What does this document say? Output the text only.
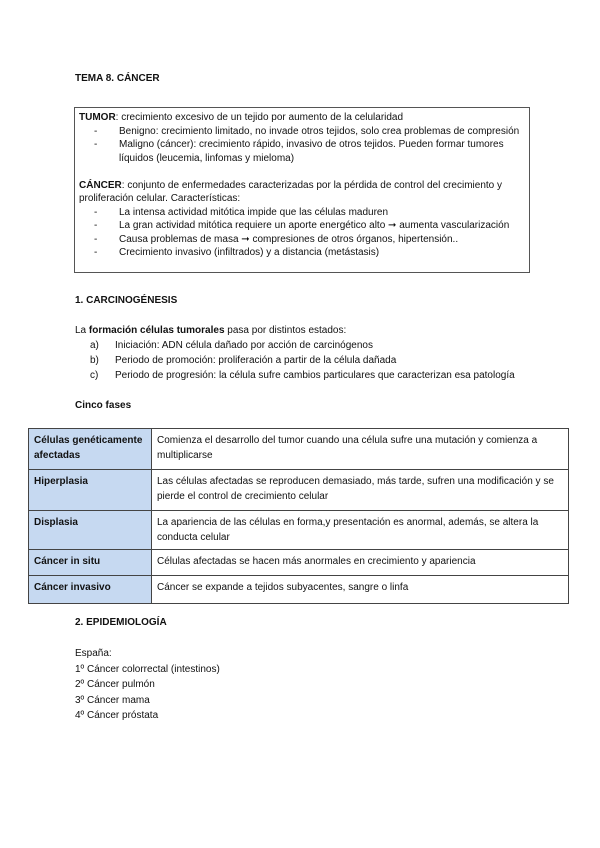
TEMA 8. CÁNCER

TUMOR: crecimiento excesivo de un tejido por aumento de la celularidad

- Benigno: crecimiento limitado, no invade otros tejidos, solo crea problemas de compresión

- Maligno (cáncer): crecimiento rápido, invasivo de otros tejidos. Pueden formar tumores líquidos (leucemia, linfomas y mieloma)

CÁNCER: conjunto de enfermedades caracterizadas por la pérdida de control del crecimiento y proliferación celular. Características:

- La intensa actividad mitótica impide que las células maduren

- La gran actividad mitótica requiere un aporte energético alto ➞ aumenta vascularización

- Causa problemas de masa ➞ compresiones de otros órganos, hipertensión..

- Crecimiento invasivo (infiltrados) y a distancia (metástasis)

1. CARCINOGÉNESIS

La formación células tumorales pasa por distintos estados:

a) Iniciación: ADN célula dañado por acción de carcinógenos

b) Periodo de promoción: proliferación a partir de la célula dañada

c) Periodo de progresión: la célula sufre cambios particulares que caracterizan esa patología

Cinco fases
Células genéticamente afectadas	Comienza el desarrollo del tumor cuando una célula sufre una mutación y comienza a multiplicarse
Hiperplasia	Las células afectadas se reproducen demasiado, más tarde, sufren una modificación y se pierde el control de crecimiento celular
Displasia	La apariencia de las células en forma,y presentación es anormal, además, se altera la conducta celular
Cáncer in situ	Células afectadas se hacen más anormales en crecimiento y apariencia
Cáncer invasivo	Cáncer se expande a tejidos subyacentes, sangre o linfa
2. EPIDEMIOLOGÍA

España:

1º Cáncer colorrectal (intestinos)

2º Cáncer pulmón

3º Cáncer mama

4º Cáncer próstata
